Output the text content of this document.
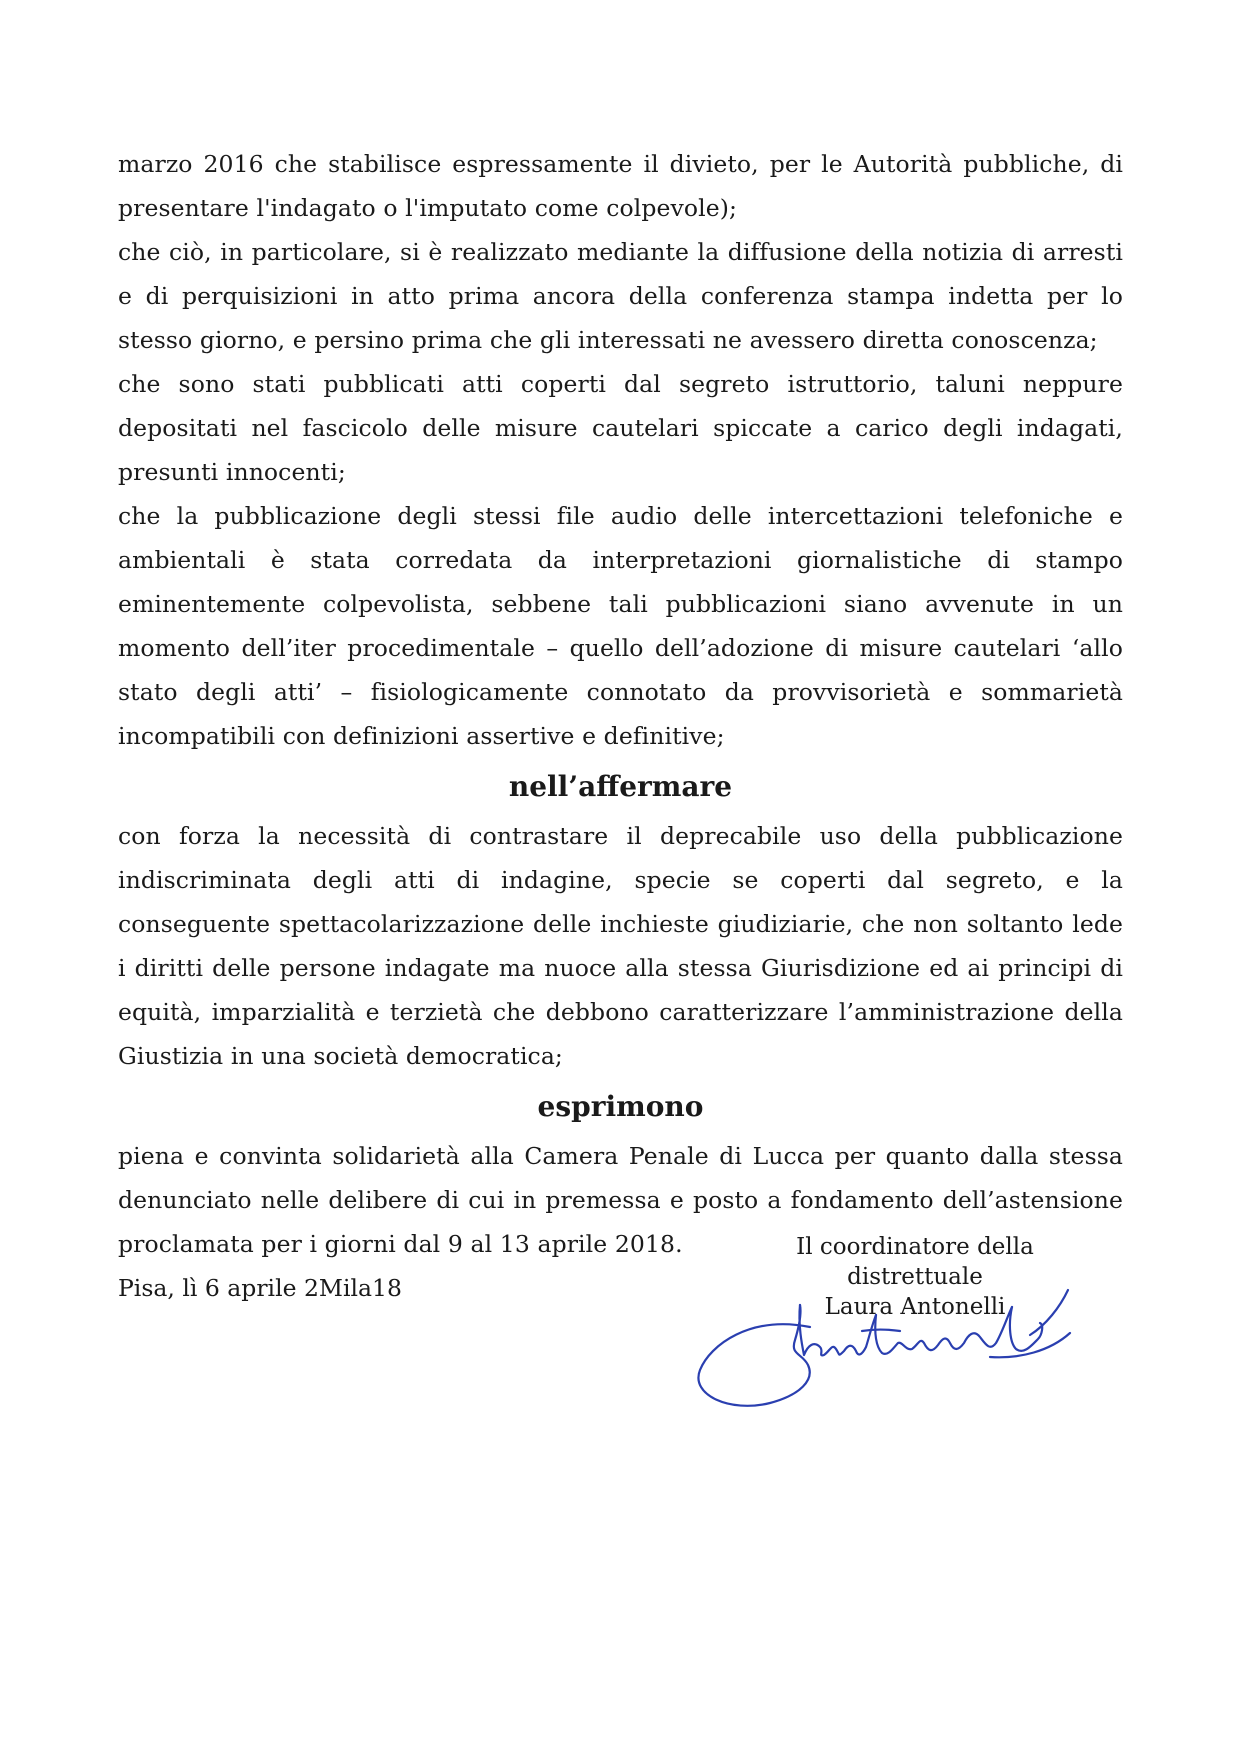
marzo 2016 che stabilisce espressamente il divieto, per le Autorità pubbliche, di presentare l'indagato o l'imputato come colpevole);

che ciò, in particolare, si è realizzato mediante la diffusione della notizia di arresti e di perquisizioni in atto prima ancora della conferenza stampa indetta per lo stesso giorno, e persino prima che gli interessati ne avessero diretta conoscenza;

che sono stati pubblicati atti coperti dal segreto istruttorio, taluni neppure depositati nel fascicolo delle misure cautelari spiccate a carico degli indagati, presunti innocenti;

che la pubblicazione degli stessi file audio delle intercettazioni telefoniche e ambientali è stata corredata da interpretazioni giornalistiche di stampo eminentemente colpevolista, sebbene tali pubblicazioni siano avvenute in un momento dell’iter procedimentale – quello dell’adozione di misure cautelari ‘allo stato degli atti’ – fisiologicamente connotato da provvisorietà e sommarietà incompatibili con definizioni assertive e definitive;

nell’affermare

con forza la necessità di contrastare il deprecabile uso della pubblicazione indiscriminata degli atti di indagine, specie se coperti dal segreto, e la conseguente spettacolarizzazione delle inchieste giudiziarie, che non soltanto lede i diritti delle persone indagate ma nuoce alla stessa Giurisdizione ed ai principi di equità, imparzialità e terzietà che debbono caratterizzare l’amministrazione della Giustizia in una società democratica;

esprimono

piena e convinta solidarietà alla Camera Penale di Lucca per quanto dalla stessa denunciato nelle delibere di cui in premessa e posto a fondamento dell’astensione proclamata per i giorni dal 9 al 13 aprile 2018.

Pisa, lì 6 aprile 2Mila18

Il coordinatore della distrettuale
Laura Antonelli
